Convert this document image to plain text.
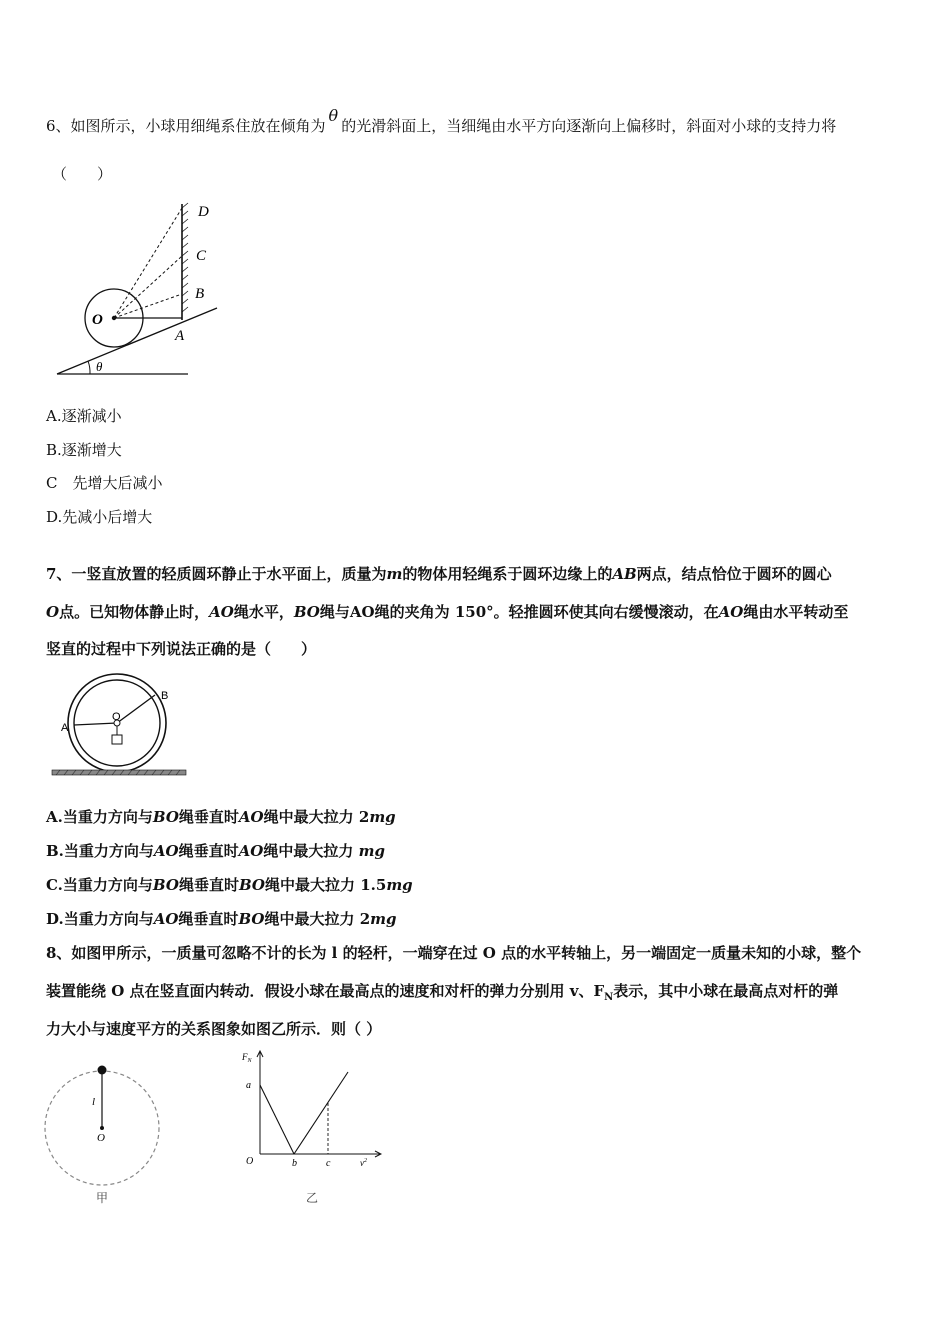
6、如图所示，小球用细绳系住放在倾角为θ的光滑斜面上，当细绳由水平方向逐渐向上偏移时，斜面对小球的支持力将
（　　）
D
C
B
A
O
θ
A.逐渐减小
B.逐渐增大
C　先增大后减小
D.先减小后增大
7、一竖直放置的轻质圆环静止于水平面上，质量为m的物体用轻绳系于圆环边缘上的AB两点，结点恰位于圆环的圆心
O点。已知物体静止时，AO绳水平，BO绳与AO绳的夹角为 150°。轻推圆环使其向右缓慢滚动，在AO绳由水平转动至
竖直的过程中下列说法正确的是（　　）
A
B
O
A.当重力方向与BO绳垂直时AO绳中最大拉力 2mg
B.当重力方向与AO绳垂直时AO绳中最大拉力 mg
C.当重力方向与BO绳垂直时BO绳中最大拉力 1.5mg
D.当重力方向与AO绳垂直时BO绳中最大拉力 2mg
8、如图甲所示，一质量可忽略不计的长为 l 的轻杆，一端穿在过 O 点的水平转轴上，另一端固定一质量未知的小球，整个
装置能绕 O 点在竖直面内转动．假设小球在最高点的速度和对杆的弹力分别用 v、$F_N$表示，其中小球在最高点对杆的弹
力大小与速度平方的关系图象如图乙所示．则（ ）
l
O
甲
$F_N$
a
O	b	c	$v^2$
乙
